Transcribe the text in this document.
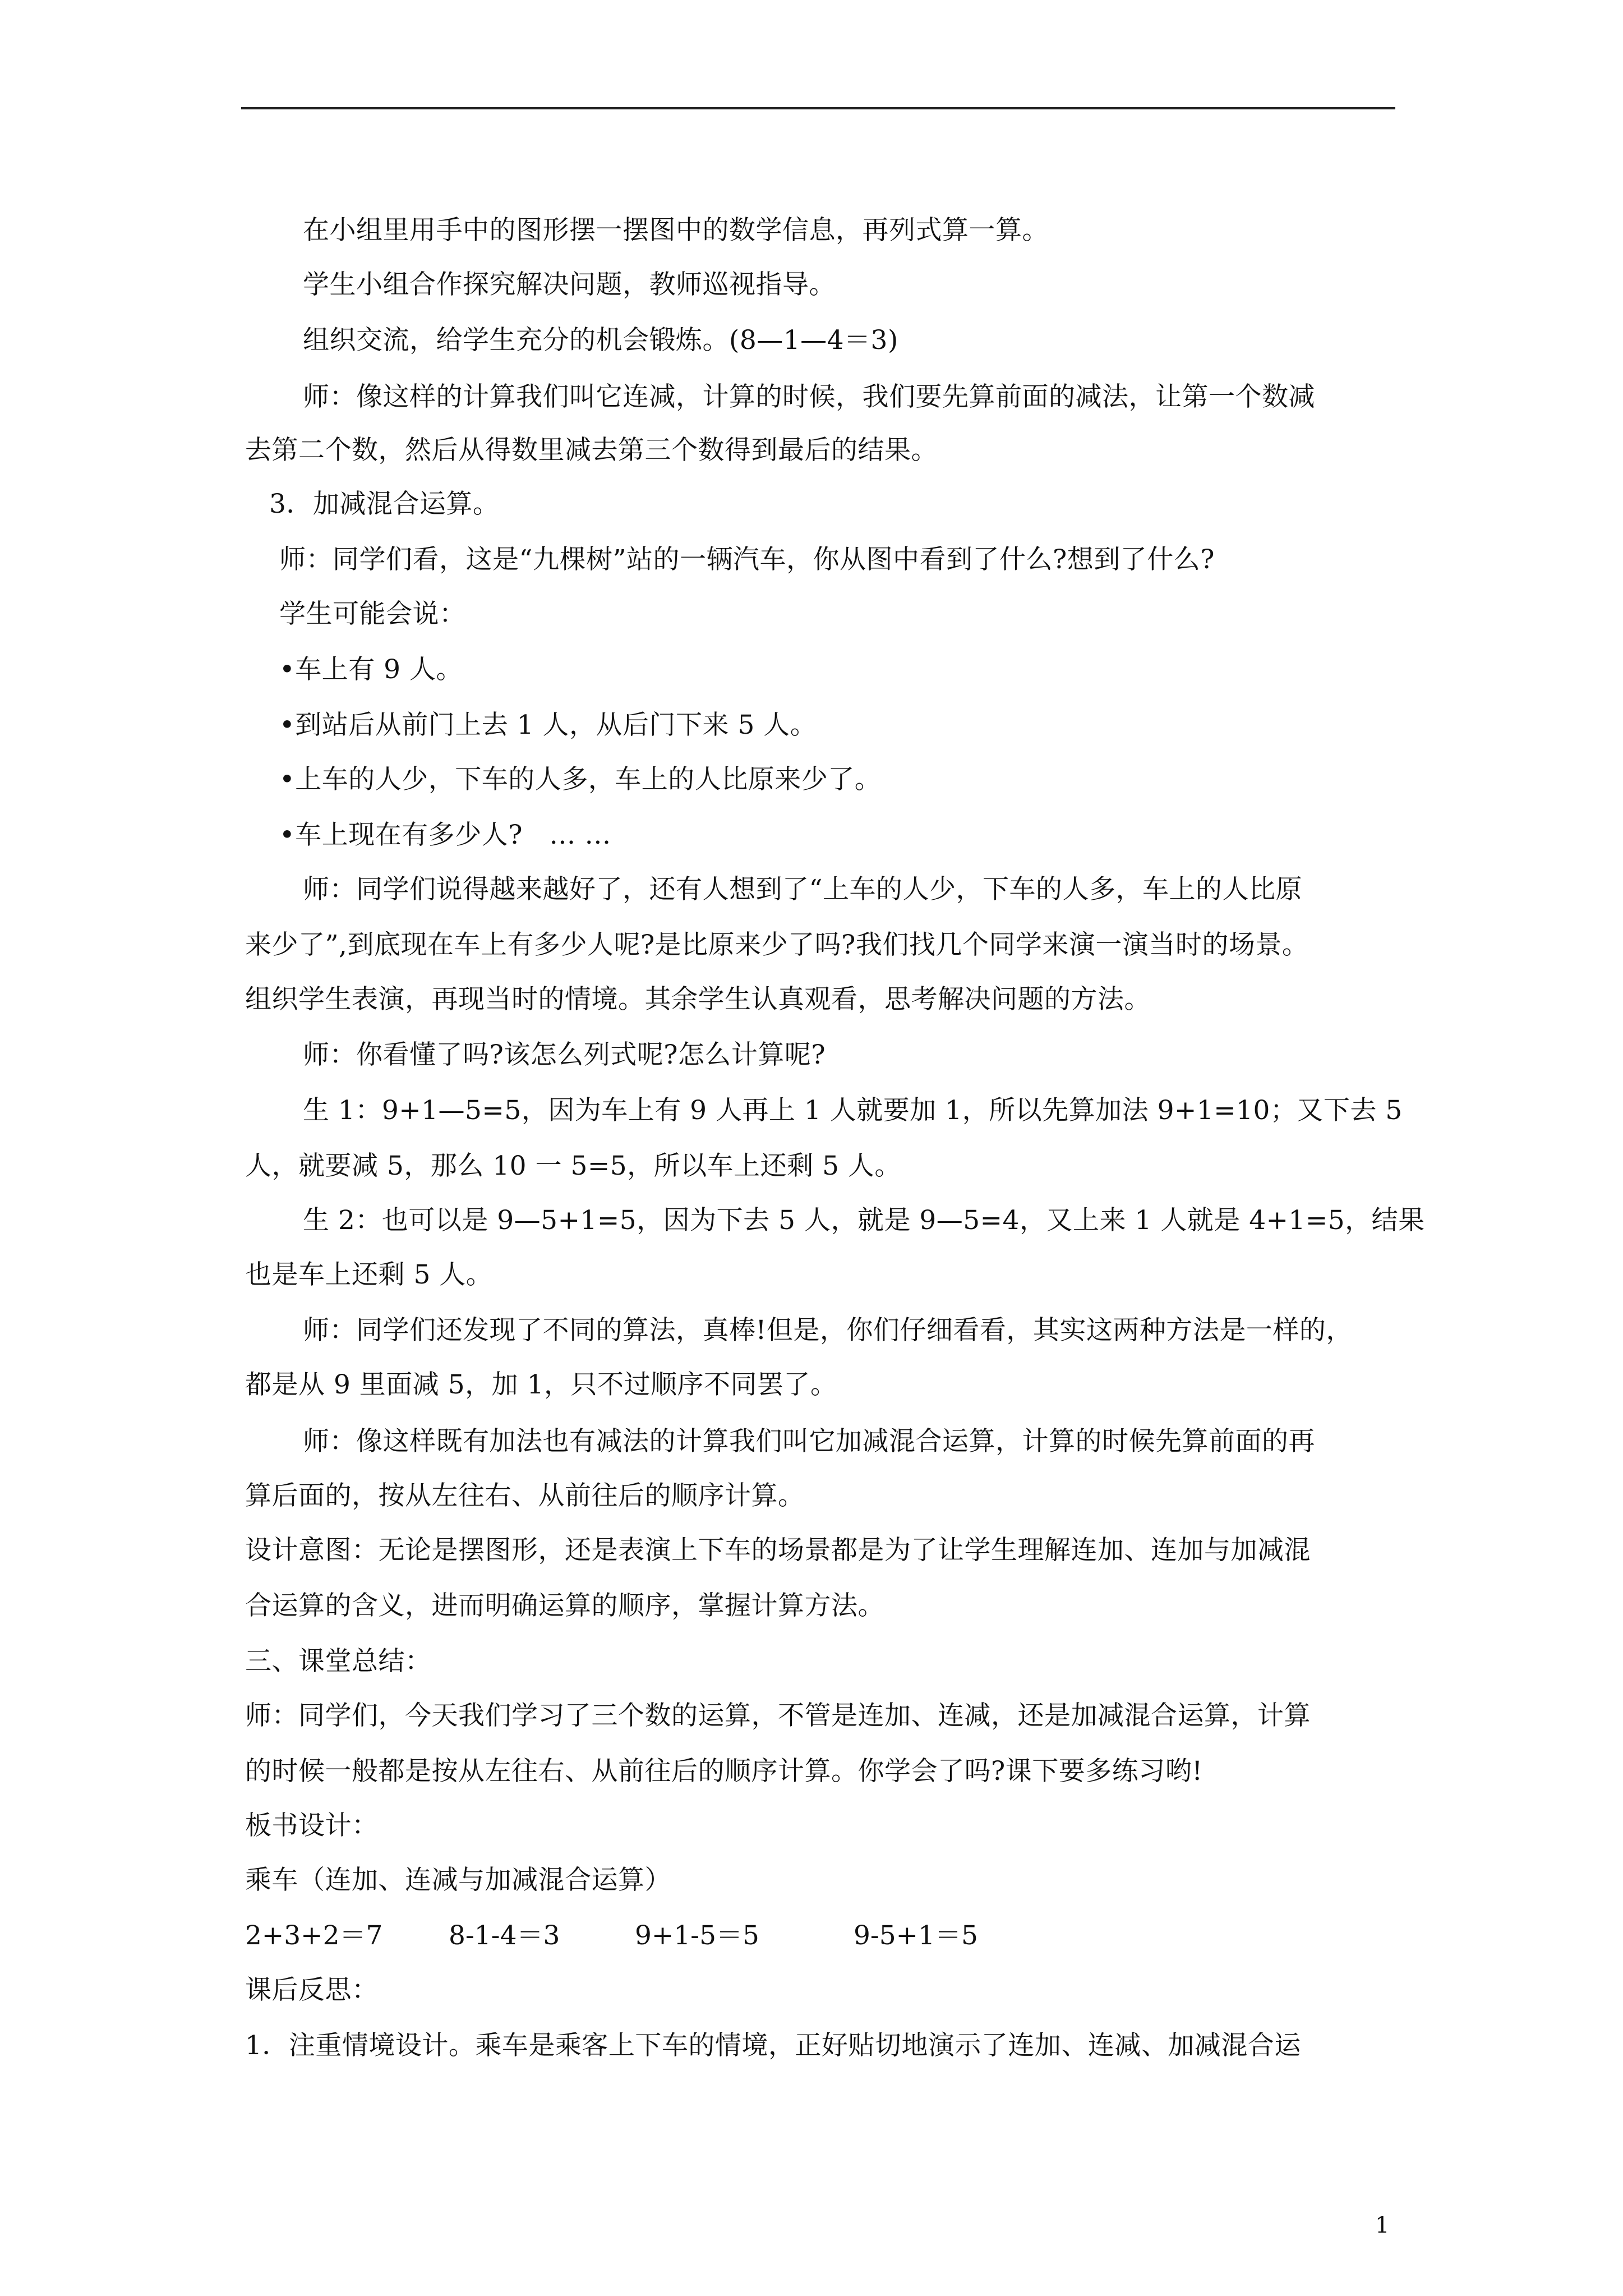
在小组里用手中的图形摆一摆图中的数学信息，再列式算一算。

学生小组合作探究解决问题，教师巡视指导。

组织交流，给学生充分的机会锻炼。(8—1—4＝3)

师：像这样的计算我们叫它连减，计算的时候，我们要先算前面的减法，让第一个数减

去第二个数，然后从得数里减去第三个数得到最后的结果。

3．加减混合运算。

师：同学们看，这是“九棵树”站的一辆汽车，你从图中看到了什么?想到了什么?

学生可能会说：

•车上有 9 人。

•到站后从前门上去 1 人，从后门下来 5 人。

•上车的人少，下车的人多，车上的人比原来少了。

•车上现在有多少人?　… …

师：同学们说得越来越好了，还有人想到了“上车的人少，下车的人多，车上的人比原

来少了”,到底现在车上有多少人呢?是比原来少了吗?我们找几个同学来演一演当时的场景。

组织学生表演，再现当时的情境。其余学生认真观看，思考解决问题的方法。

师：你看懂了吗?该怎么列式呢?怎么计算呢?

生 1：9+1—5=5，因为车上有 9 人再上 1 人就要加 1，所以先算加法 9+1=10；又下去 5

人，就要减 5，那么 10 一 5=5，所以车上还剩 5 人。

生 2：也可以是 9—5+1=5，因为下去 5 人，就是 9—5=4，又上来 1 人就是 4+1=5，结果

也是车上还剩 5 人。

师：同学们还发现了不同的算法，真棒!但是，你们仔细看看，其实这两种方法是一样的，

都是从 9 里面减 5，加 1，只不过顺序不同罢了。

师：像这样既有加法也有减法的计算我们叫它加减混合运算，计算的时候先算前面的再

算后面的，按从左往右、从前往后的顺序计算。

设计意图：无论是摆图形，还是表演上下车的场景都是为了让学生理解连加、连加与加减混

合运算的含义，进而明确运算的顺序，掌握计算方法。

三、课堂总结：

师：同学们，今天我们学习了三个数的运算，不管是连加、连减，还是加减混合运算，计算

的时候一般都是按从左往右、从前往后的顺序计算。你学会了吗?课下要多练习哟!

板书设计：

乘车（连加、连减与加减混合运算）

2+3+2＝7	8-1-4＝3	9+1-5＝5	9-5+1＝5

课后反思：

1．注重情境设计。乘车是乘客上下车的情境，正好贴切地演示了连加、连减、加减混合运

1
